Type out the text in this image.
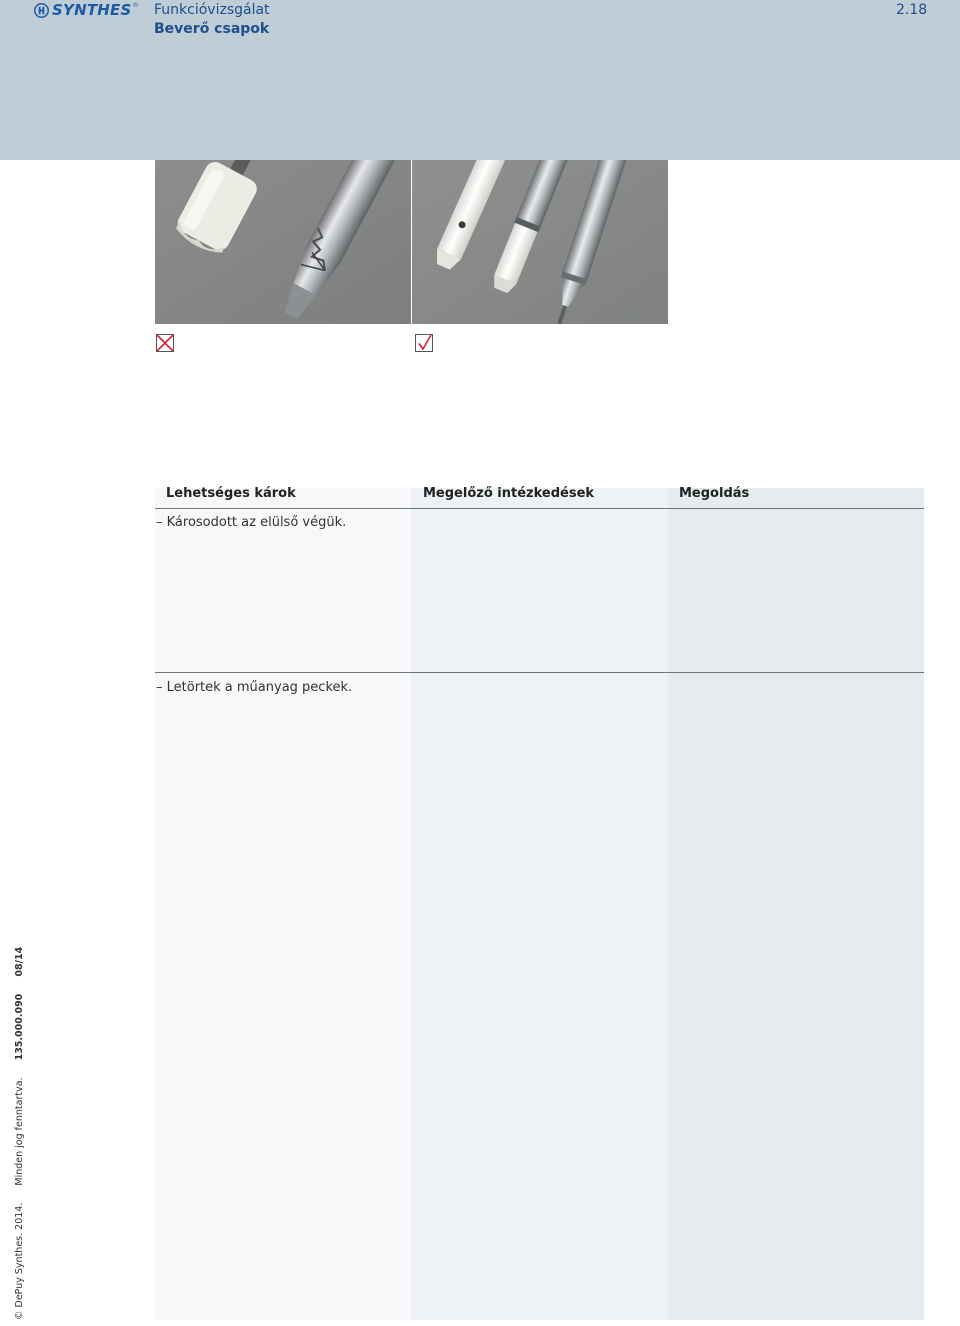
SYNTHES ® Funkcióvizsgálat
Beverő csapok
2.18
Lehetséges károk	Megelőző intézkedések	Megoldás
– Károsodott az elülső végük.
– Letörtek a műanyag peckek.
© DePuy Synthes. 2014. Minden jog fenntartva. 135.000.090 08/14
